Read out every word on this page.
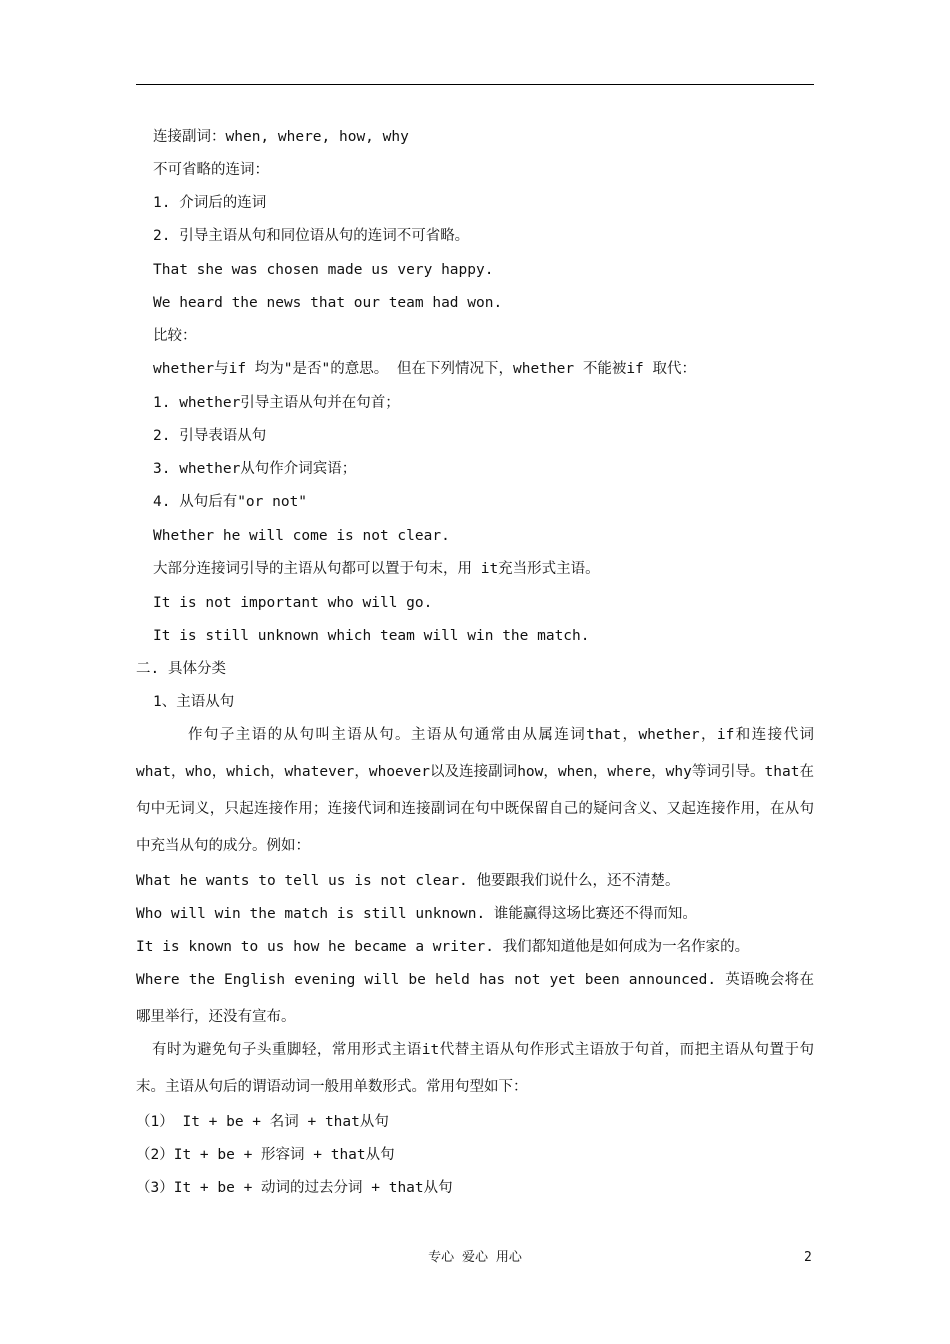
连接副词：when, where, how, why
不可省略的连词：
1. 介词后的连词
2. 引导主语从句和同位语从句的连词不可省略。
That she was chosen made us very happy.
We heard the news that our team had won.
比较：
whether与if 均为"是否"的意思。 但在下列情况下，whether 不能被if 取代：
1. whether引导主语从句并在句首；
2. 引导表语从句
3. whether从句作介词宾语；
4. 从句后有"or not"
Whether he will come is not clear.
大部分连接词引导的主语从句都可以置于句末，用 it充当形式主语。
It is not important who will go.
It is still unknown which team will win the match.
二. 具体分类
1、主语从句
作句子主语的从句叫主语从句。主语从句通常由从属连词that，whether，if和连接代词what，who，which，whatever，whoever以及连接副词how，when，where，why等词引导。that在句中无词义，只起连接作用；连接代词和连接副词在句中既保留自己的疑问含义、又起连接作用，在从句中充当从句的成分。例如：
What he wants to tell us is not clear. 他要跟我们说什么，还不清楚。
Who will win the match is still unknown. 谁能赢得这场比赛还不得而知。
It is known to us how he became a writer. 我们都知道他是如何成为一名作家的。
Where the English evening will be held has not yet been announced. 英语晚会将在哪里举行，还没有宣布。
有时为避免句子头重脚轻，常用形式主语it代替主语从句作形式主语放于句首，而把主语从句置于句末。主语从句后的谓语动词一般用单数形式。常用句型如下：
（1） It + be + 名词 + that从句
（2）It + be + 形容词 + that从句
（3）It + be + 动词的过去分词 + that从句
专心 爱心 用心	2
